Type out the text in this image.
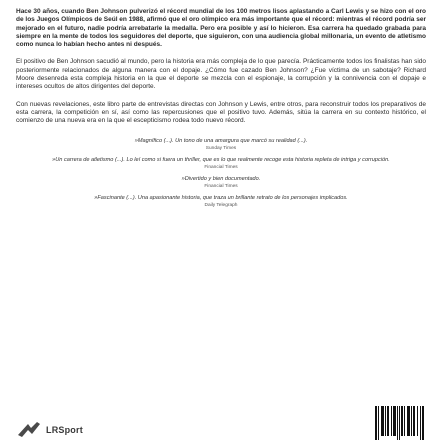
Hace 30 años, cuando Ben Johnson pulverizó el récord mundial de los 100 metros lisos aplastando a Carl Lewis y se hizo con el oro de los Juegos Olímpicos de Seúl en 1988, afirmó que el oro olímpico era más importante que el récord: mientras el récord podría ser mejorado en el futuro, nadie podría arrebatarle la medalla. Pero era posible y así lo hicieron. Esa carrera ha quedado grabada para siempre en la mente de todos los seguidores del deporte, que siguieron, con una audiencia global millonaria, un evento de atletismo como nunca lo habían hecho antes ni después.

El positivo de Ben Johnson sacudió al mundo, pero la historia era más compleja de lo que parecía. Prácticamente todos los finalistas han sido posteriormente relacionados de alguna manera con el dopaje. ¿Cómo fue cazado Ben Johnson? ¿Fue víctima de un sabotaje? Richard Moore desenreda esta compleja historia en la que el deporte se mezcla con el espionaje, la corrupción y la connivencia con el dopaje e intereses ocultos de altos dirigentes del deporte.

Con nuevas revelaciones, este libro parte de entrevistas directas con Johnson y Lewis, entre otros, para reconstruir todos los preparativos de esta carrera, la competición en sí, así como las repercusiones que el positivo tuvo. Además, sitúa la carrera en su contexto histórico, el comienzo de una nueva era en la que el escepticismo rodea todo nuevo récord.

»Magnífico (...). Un tono de una amargura que marcó su realidad (...).
Sunday Times

»Un carrera de atletismo (...). Lo leí como si fuera un thriller, que es lo que realmente recoge esta historia repleta de intriga y corrupción.
Financial Times

»Divertido y bien documentado.
Financial Times

»Fascinante (...). Una apasionante historia, que traza un brillante retrato de los personajes implicados.
Daily Telegraph

LRSport
